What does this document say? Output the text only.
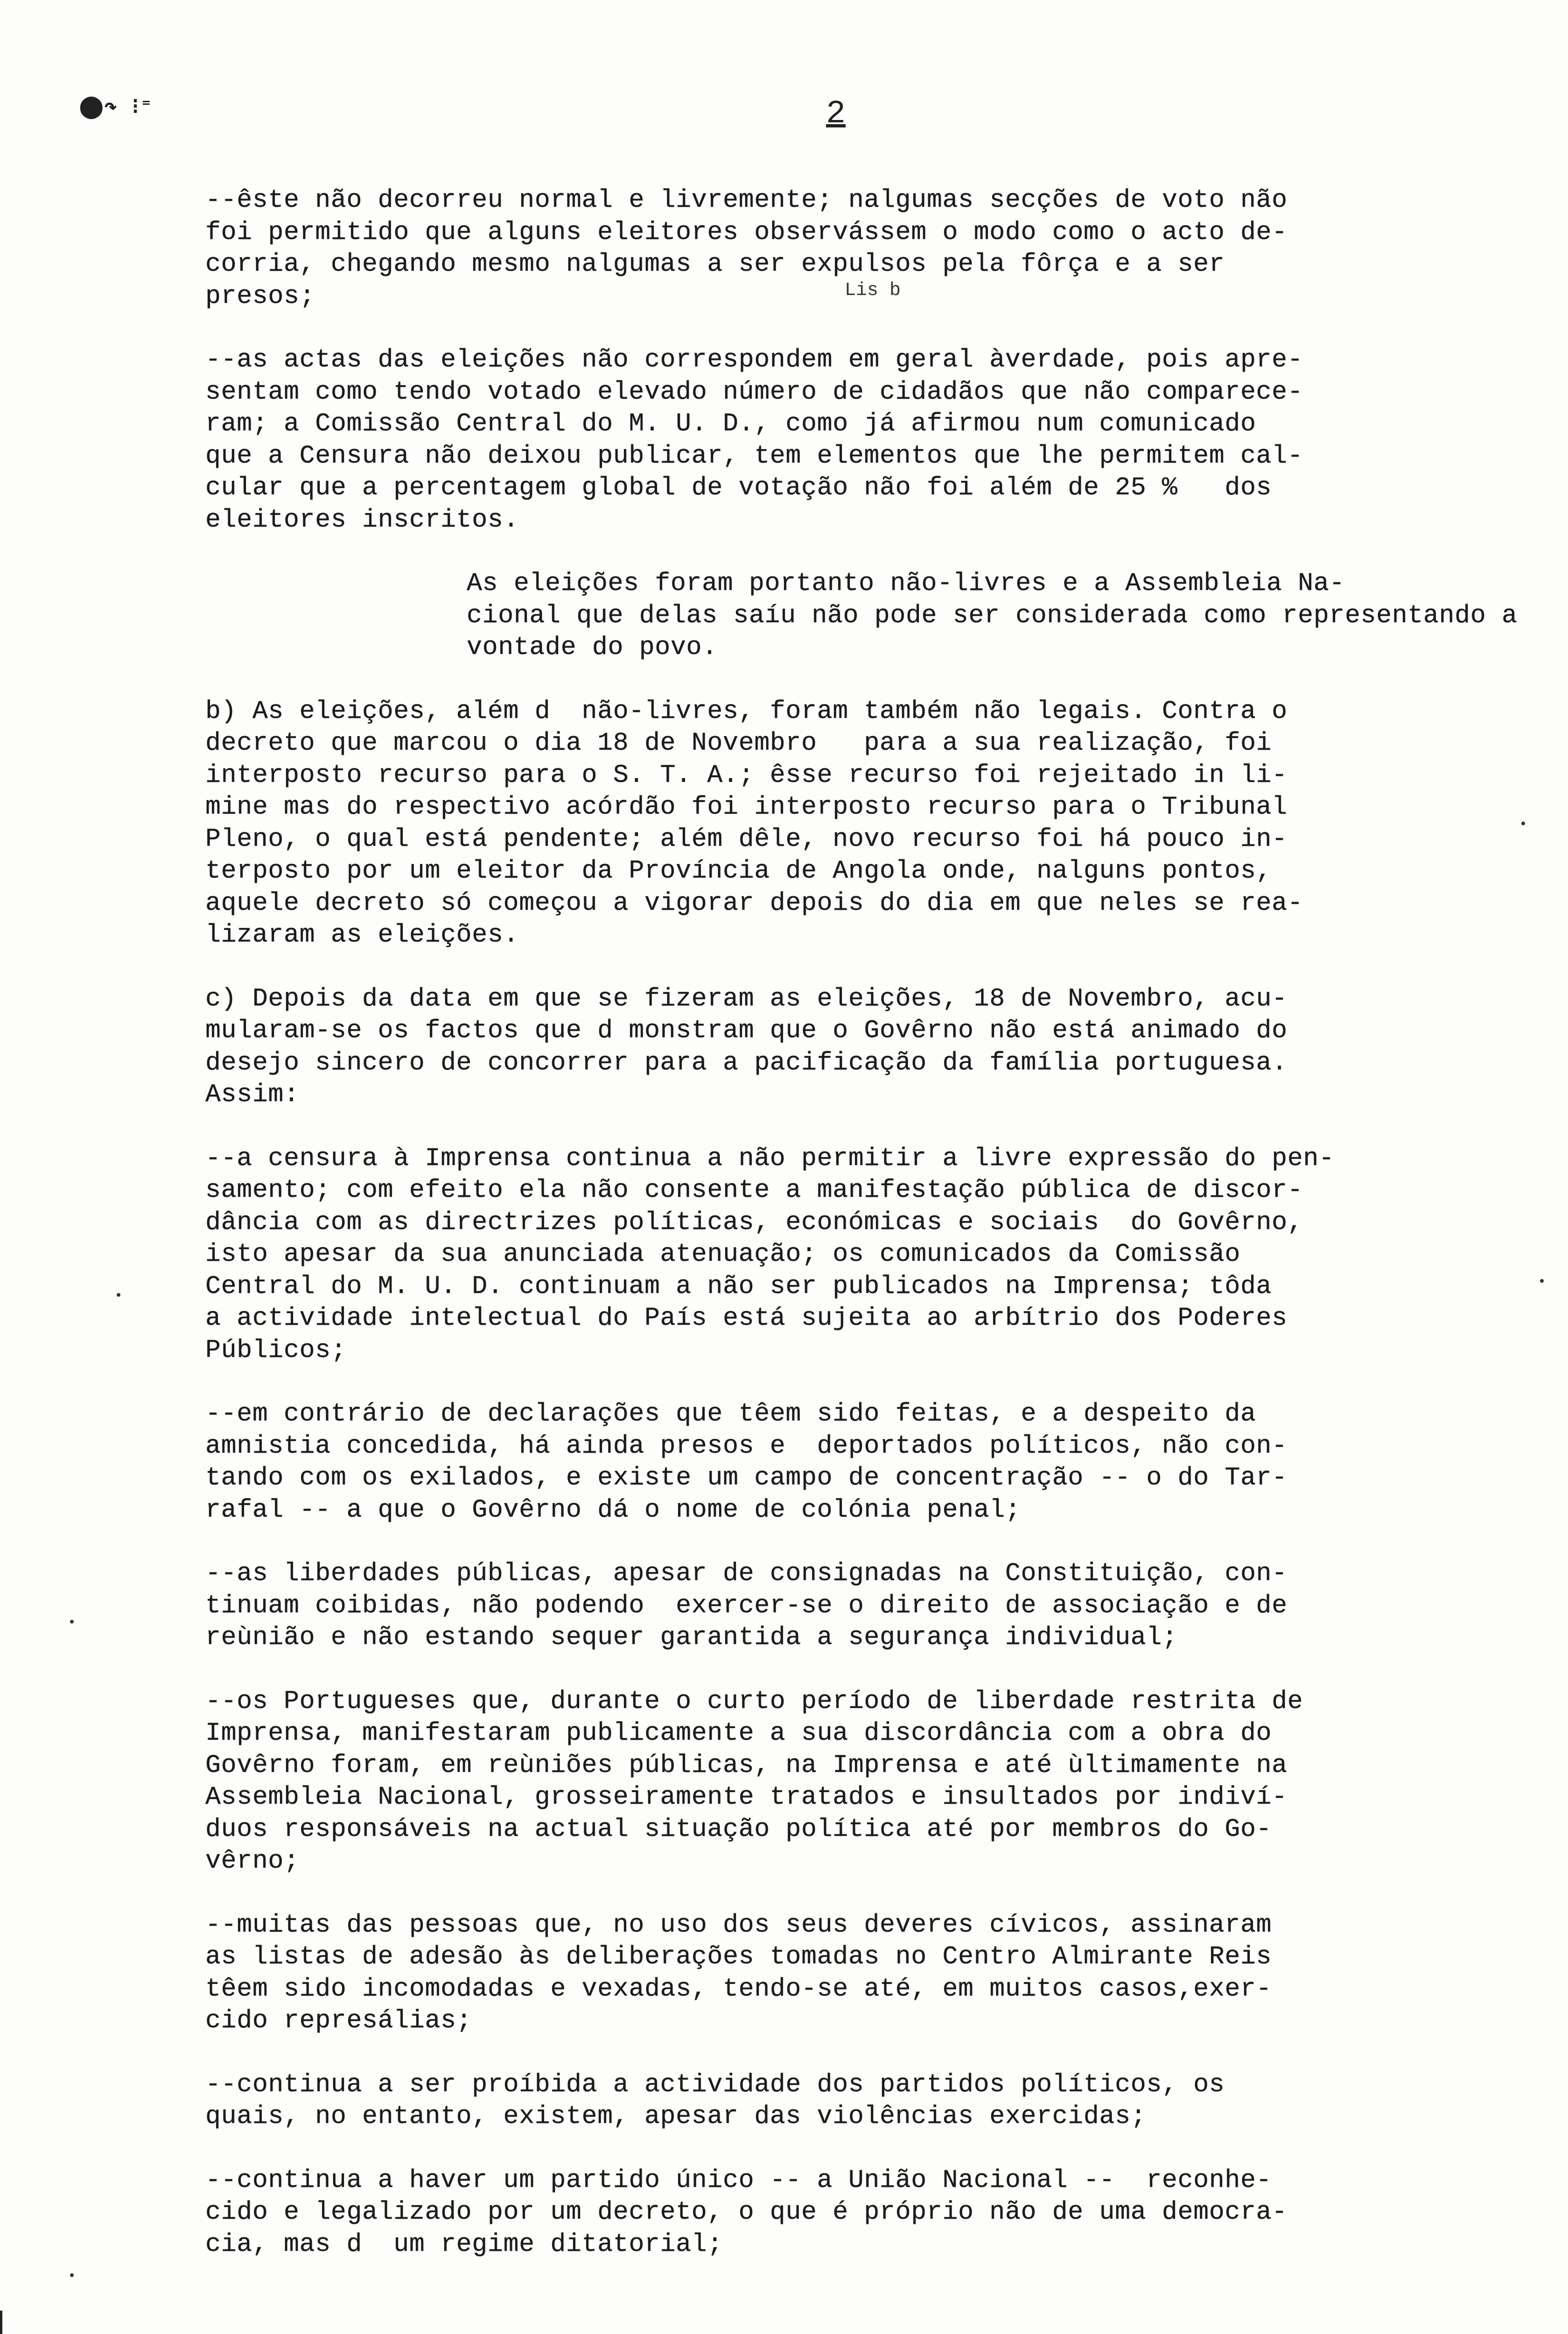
⬤↷ ⁝⁼	2
Lis b
--êste não decorreu normal e livremente; nalgumas secções de voto não
foi permitido que alguns eleitores observássem o modo como o acto de-
corria, chegando mesmo nalgumas a ser expulsos pela fôrça e a ser
presos;
--as actas das eleições não correspondem em geral àverdade, pois apre-
sentam como tendo votado elevado número de cidadãos que não comparece-
ram; a Comissão Central do M. U. D., como já afirmou num comunicado
que a Censura não deixou publicar, tem elementos que lhe permitem cal-
cular que a percentagem global de votação não foi além de 25 %   dos
eleitores inscritos.
As eleições foram portanto não-livres e a Assembleia Na-
cional que delas saíu não pode ser considerada como representando a
vontade do povo.
b) As eleições, além d  não-livres, foram também não legais. Contra o
decreto que marcou o dia 18 de Novembro   para a sua realização, foi
interposto recurso para o S. T. A.; êsse recurso foi rejeitado in li-
mine mas do respectivo acórdão foi interposto recurso para o Tribunal
Pleno, o qual está pendente; além dêle, novo recurso foi há pouco in-
terposto por um eleitor da Província de Angola onde, nalguns pontos,
aquele decreto só começou a vigorar depois do dia em que neles se rea-
lizaram as eleições.
c) Depois da data em que se fizeram as eleições, 18 de Novembro, acu-
mularam-se os factos que d monstram que o Govêrno não está animado do
desejo sincero de concorrer para a pacificação da família portuguesa.
Assim:
--a censura à Imprensa continua a não permitir a livre expressão do pen-
samento; com efeito ela não consente a manifestação pública de discor-
dância com as directrizes políticas, económicas e sociais  do Govêrno,
isto apesar da sua anunciada atenuação; os comunicados da Comissão
Central do M. U. D. continuam a não ser publicados na Imprensa; tôda
a actividade intelectual do País está sujeita ao arbítrio dos Poderes
Públicos;
--em contrário de declarações que têem sido feitas, e a despeito da
amnistia concedida, há ainda presos e  deportados políticos, não con-
tando com os exilados, e existe um campo de concentração -- o do Tar-
rafal -- a que o Govêrno dá o nome de colónia penal;
--as liberdades públicas, apesar de consignadas na Constituição, con-
tinuam coibidas, não podendo  exercer-se o direito de associação e de
reùnião e não estando sequer garantida a segurança individual;
--os Portugueses que, durante o curto período de liberdade restrita de
Imprensa, manifestaram publicamente a sua discordância com a obra do
Govêrno foram, em reùniões públicas, na Imprensa e até ùltimamente na
Assembleia Nacional, grosseiramente tratados e insultados por indiví-
duos responsáveis na actual situação política até por membros do Go-
vêrno;
--muitas das pessoas que, no uso dos seus deveres cívicos, assinaram
as listas de adesão às deliberações tomadas no Centro Almirante Reis
têem sido incomodadas e vexadas, tendo-se até, em muitos casos,exer-
cido represálias;
--continua a ser proíbida a actividade dos partidos políticos, os
quais, no entanto, existem, apesar das violências exercidas;
--continua a haver um partido único -- a União Nacional --  reconhe-
cido e legalizado por um decreto, o que é próprio não de uma democra-
cia, mas d  um regime ditatorial;
